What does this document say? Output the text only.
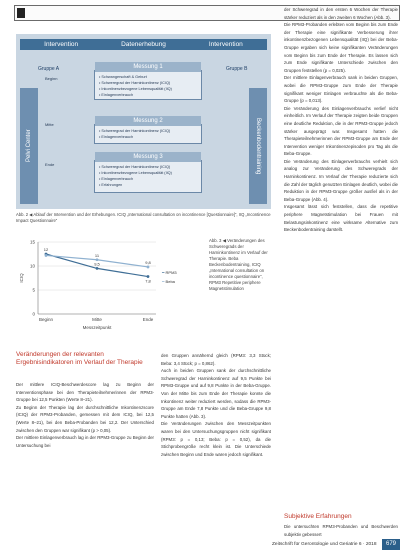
Intervention	Datenerhebung	Intervention
Gruppe A	Gruppe B
Pelvi Center	Beckenbodentraining
Beginn
Mitte
Ende
Messung 1
• Schwangerschaft & Geburt
• Schweregrad der Harninkontinenz (ICIQ)
• Inkontinenzbezogene Lebensqualität (IIQ)
• Einlagenverbrauch
Messung 2
• Schweregrad der Harninkontinenz (ICIQ)
• Einlagenverbrauch
Messung 3
• Schweregrad der Harninkontinenz (ICIQ)
• Inkontinenzbezogene Lebensqualität (IIQ)
• Einlagenverbrauch
• Erfahrungen
Abb. 2 ◀ Ablauf der Intervention und der Erhebungen. ICIQ „International consultation on incontinence [Questionnaire]“, IIQ „Incontinence Impact Questionnaire“
0
5
10
15
Beginn	Mitte	Ende
Messzeitpunkt
ICIQ
12
9,5
7,8
11
9,8
━ RPM3
━ Beba
Abb. 3 ◀ Veränderungen des Schweregrads der Harninkontinenz im Verlauf der Therapie. Beba Beckenbodentraining, ICIQ „International consultation on incontinence questionnaire“, RPM3 Repetitive periphere Magnetstimulation
Veränderungen der relevanten Ergebnisindikatoren im Verlauf der Therapie

Der mittlere ICIQ-Beschwerdescore lag zu Beginn der Interventionsphase bei den Therapieteilnehmerinnen der RPM3-Gruppe bei 12,5 Punkten (Werte 8–21).

Zu Beginn der Therapie lag der durchschnittliche Inkontinenzscore (ICIQ) der RPM3-Probanden, gemessen mit dem ICIQ, bei 12,5 (Werte 8–21), bei den Beba-Probanden bei 12,2. Der Unterschied zwischen den Gruppen war signifikant (p > 0,05).

Der mittlere Einlagenverbrauch lag in der RPM3-Gruppe zu Beginn der Untersuchung bei

den Gruppen annähernd gleich (RPM3: 3,3 Stück; Beba: 3,4 Stück; p = 0,862).

Auch in beiden Gruppen sank der durchschnittliche Schweregrad der Harninkontinenz auf 9,5 Punkte bei RPM3-Gruppe und auf 9,8 Punkte in der Beba-Gruppe. Von der Mitte bis zum Ende der Therapie konnte die Inkontinenz weiter reduziert werden, sodass die RPM3-Gruppe am Ende 7,8 Punkte und die Beba-Gruppe 9,8 Punkte hatten (Abb. 3).

Die Veränderungen zwischen den Messzeitpunkten waren bei den Untersuchungsgruppen nicht signifikant (RPM3: p = 0,13; Beba: p = 0,52), da die Stichprobengröße recht klein ist. Die Unterschiede zwischen Beginn und Ende waren jedoch signifikant.

der Schweregrad in den ersten 6 Wochen der Therapie stärker reduziert als in den zweiten 6 Wochen (Abb. 3).

Die RPM3-Probanden erlebten vom Beginn bis zum Ende der Therapie eine signifikante Verbesserung ihrer inkontinenzbezogenen Lebensqualität (IIQ) bei der Beba-Gruppe ergaben sich keine signifikanten Veränderungen vom Beginn bis zum Ende der Therapie. Es lassen sich zum Ende signifikante Unterschiede zwischen den Gruppen feststellen (p = 0,025).

Der mittlere Einlagenverbrauch sank in beiden Gruppen, wobei die RPM3-Gruppe zum Ende der Therapie signifikant weniger Einlagen verbrauchte als die Beba-Gruppe (p = 0,013).

Die Veränderung des Einlagenverbrauchs verlief nicht einheitlich. Im Verlauf der Therapie zeigten beide Gruppen eine deutliche Reduktion, die in der RPM3-Gruppe jedoch stärker ausgeprägt war. Insgesamt hatten die Therapieteilnehmerinnen der RPM3-Gruppe am Ende der Intervention weniger Inkontinenzepisoden pro Tag als die Beba-Gruppe.

Die Veränderung des Einlagenverbrauchs verhielt sich analog zur Veränderung des Schweregrads der Harninkontinenz. Im Verlauf der Therapie reduzierte sich die Zahl der täglich genutzten Einlagen deutlich, wobei die Reduktion in der RPM3-Gruppe größer ausfiel als in der Beba-Gruppe (Abb. 4).

Insgesamt lässt sich feststellen, dass die repetitive periphere Magnetstimulation bei Frauen mit Belastungsinkontinenz eine wirksame Alternative zum Beckenbodentraining darstellt.

Subjektive Erfahrungen
Die untersuchten RPM3-Probanden und Beschwerden subjektiv gebessert
Zeitschrift für Gerontologie und Geriatrie 6 · 2018	679
